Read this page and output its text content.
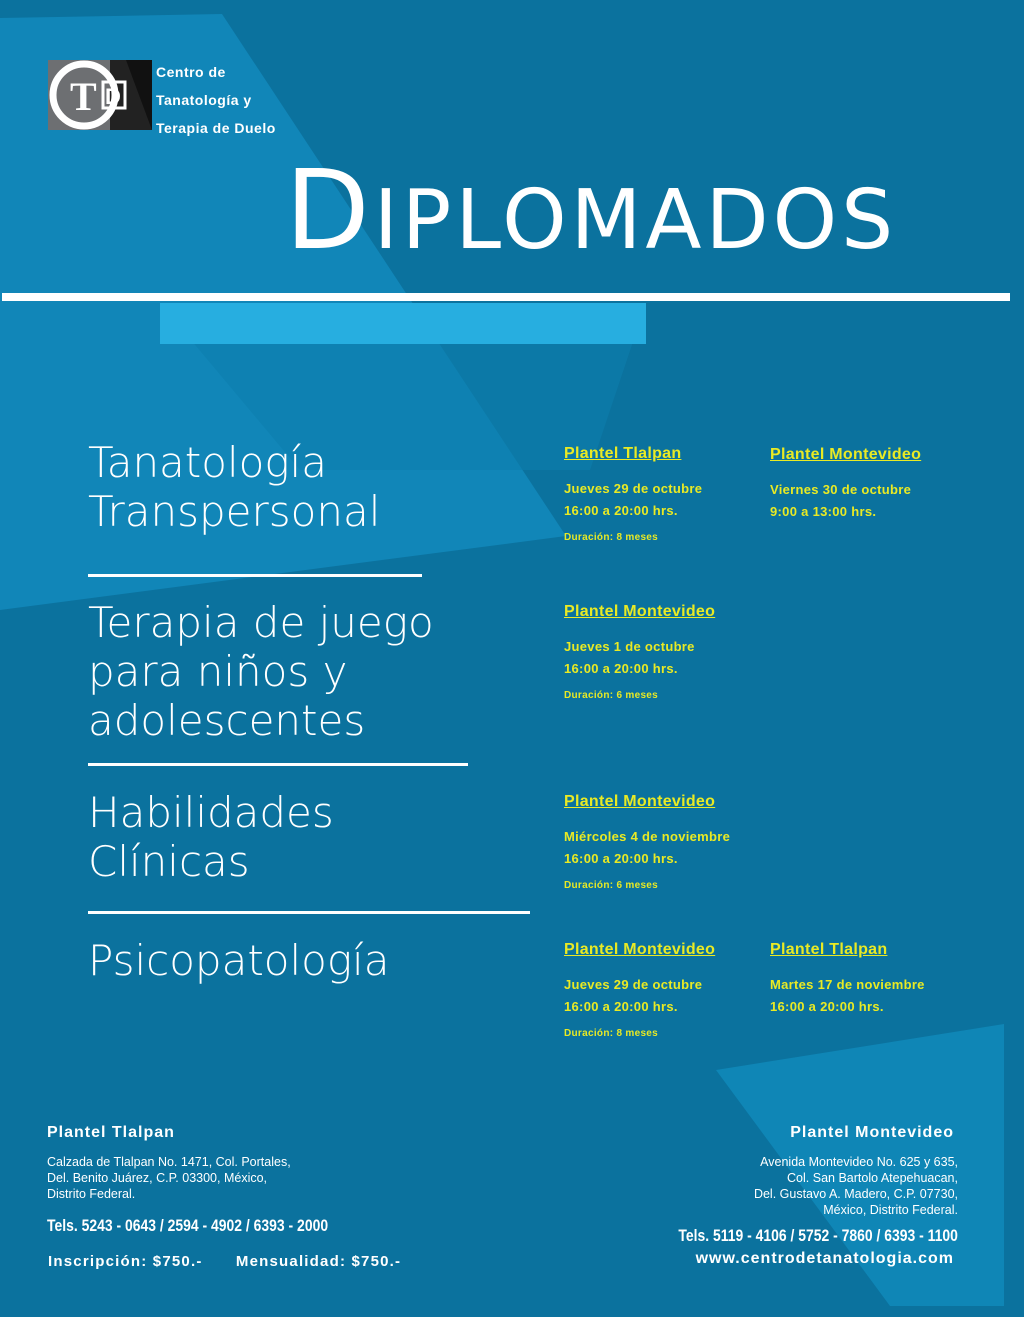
T D
Centro de
Tanatología y
Terapia de Duelo
DIPLOMADOS
Tanatología
Transpersonal
Terapia de juego
para niños y
adolescentes
Habilidades
Clínicas
Psicopatología
Plantel Tlalpan
Jueves 29 de octubre
16:00 a 20:00 hrs.
Duración: 8 meses
Plantel Montevideo
Viernes 30 de octubre
9:00 a 13:00 hrs.
Plantel Montevideo
Jueves 1 de octubre
16:00 a 20:00 hrs.
Duración: 6 meses
Plantel Montevideo
Miércoles 4 de noviembre
16:00 a 20:00 hrs.
Duración: 6 meses
Plantel Montevideo
Jueves 29 de octubre
16:00 a 20:00 hrs.
Duración: 8 meses
Plantel Tlalpan
Martes 17 de noviembre
16:00 a 20:00 hrs.
Plantel Tlalpan
Calzada de Tlalpan No. 1471, Col. Portales,
Del. Benito Juárez, C.P. 03300, México,
Distrito Federal.
Tels. 5243 - 0643 / 2594 - 4902 / 6393 - 2000
Plantel Montevideo
Avenida Montevideo No. 625 y 635,
Col. San Bartolo Atepehuacan,
Del. Gustavo A. Madero, C.P. 07730,
México, Distrito Federal.
Tels. 5119 - 4106 / 5752 - 7860 / 6393 - 1100
Inscripción: $750.- Mensualidad: $750.-	www.centrodetanatologia.com
